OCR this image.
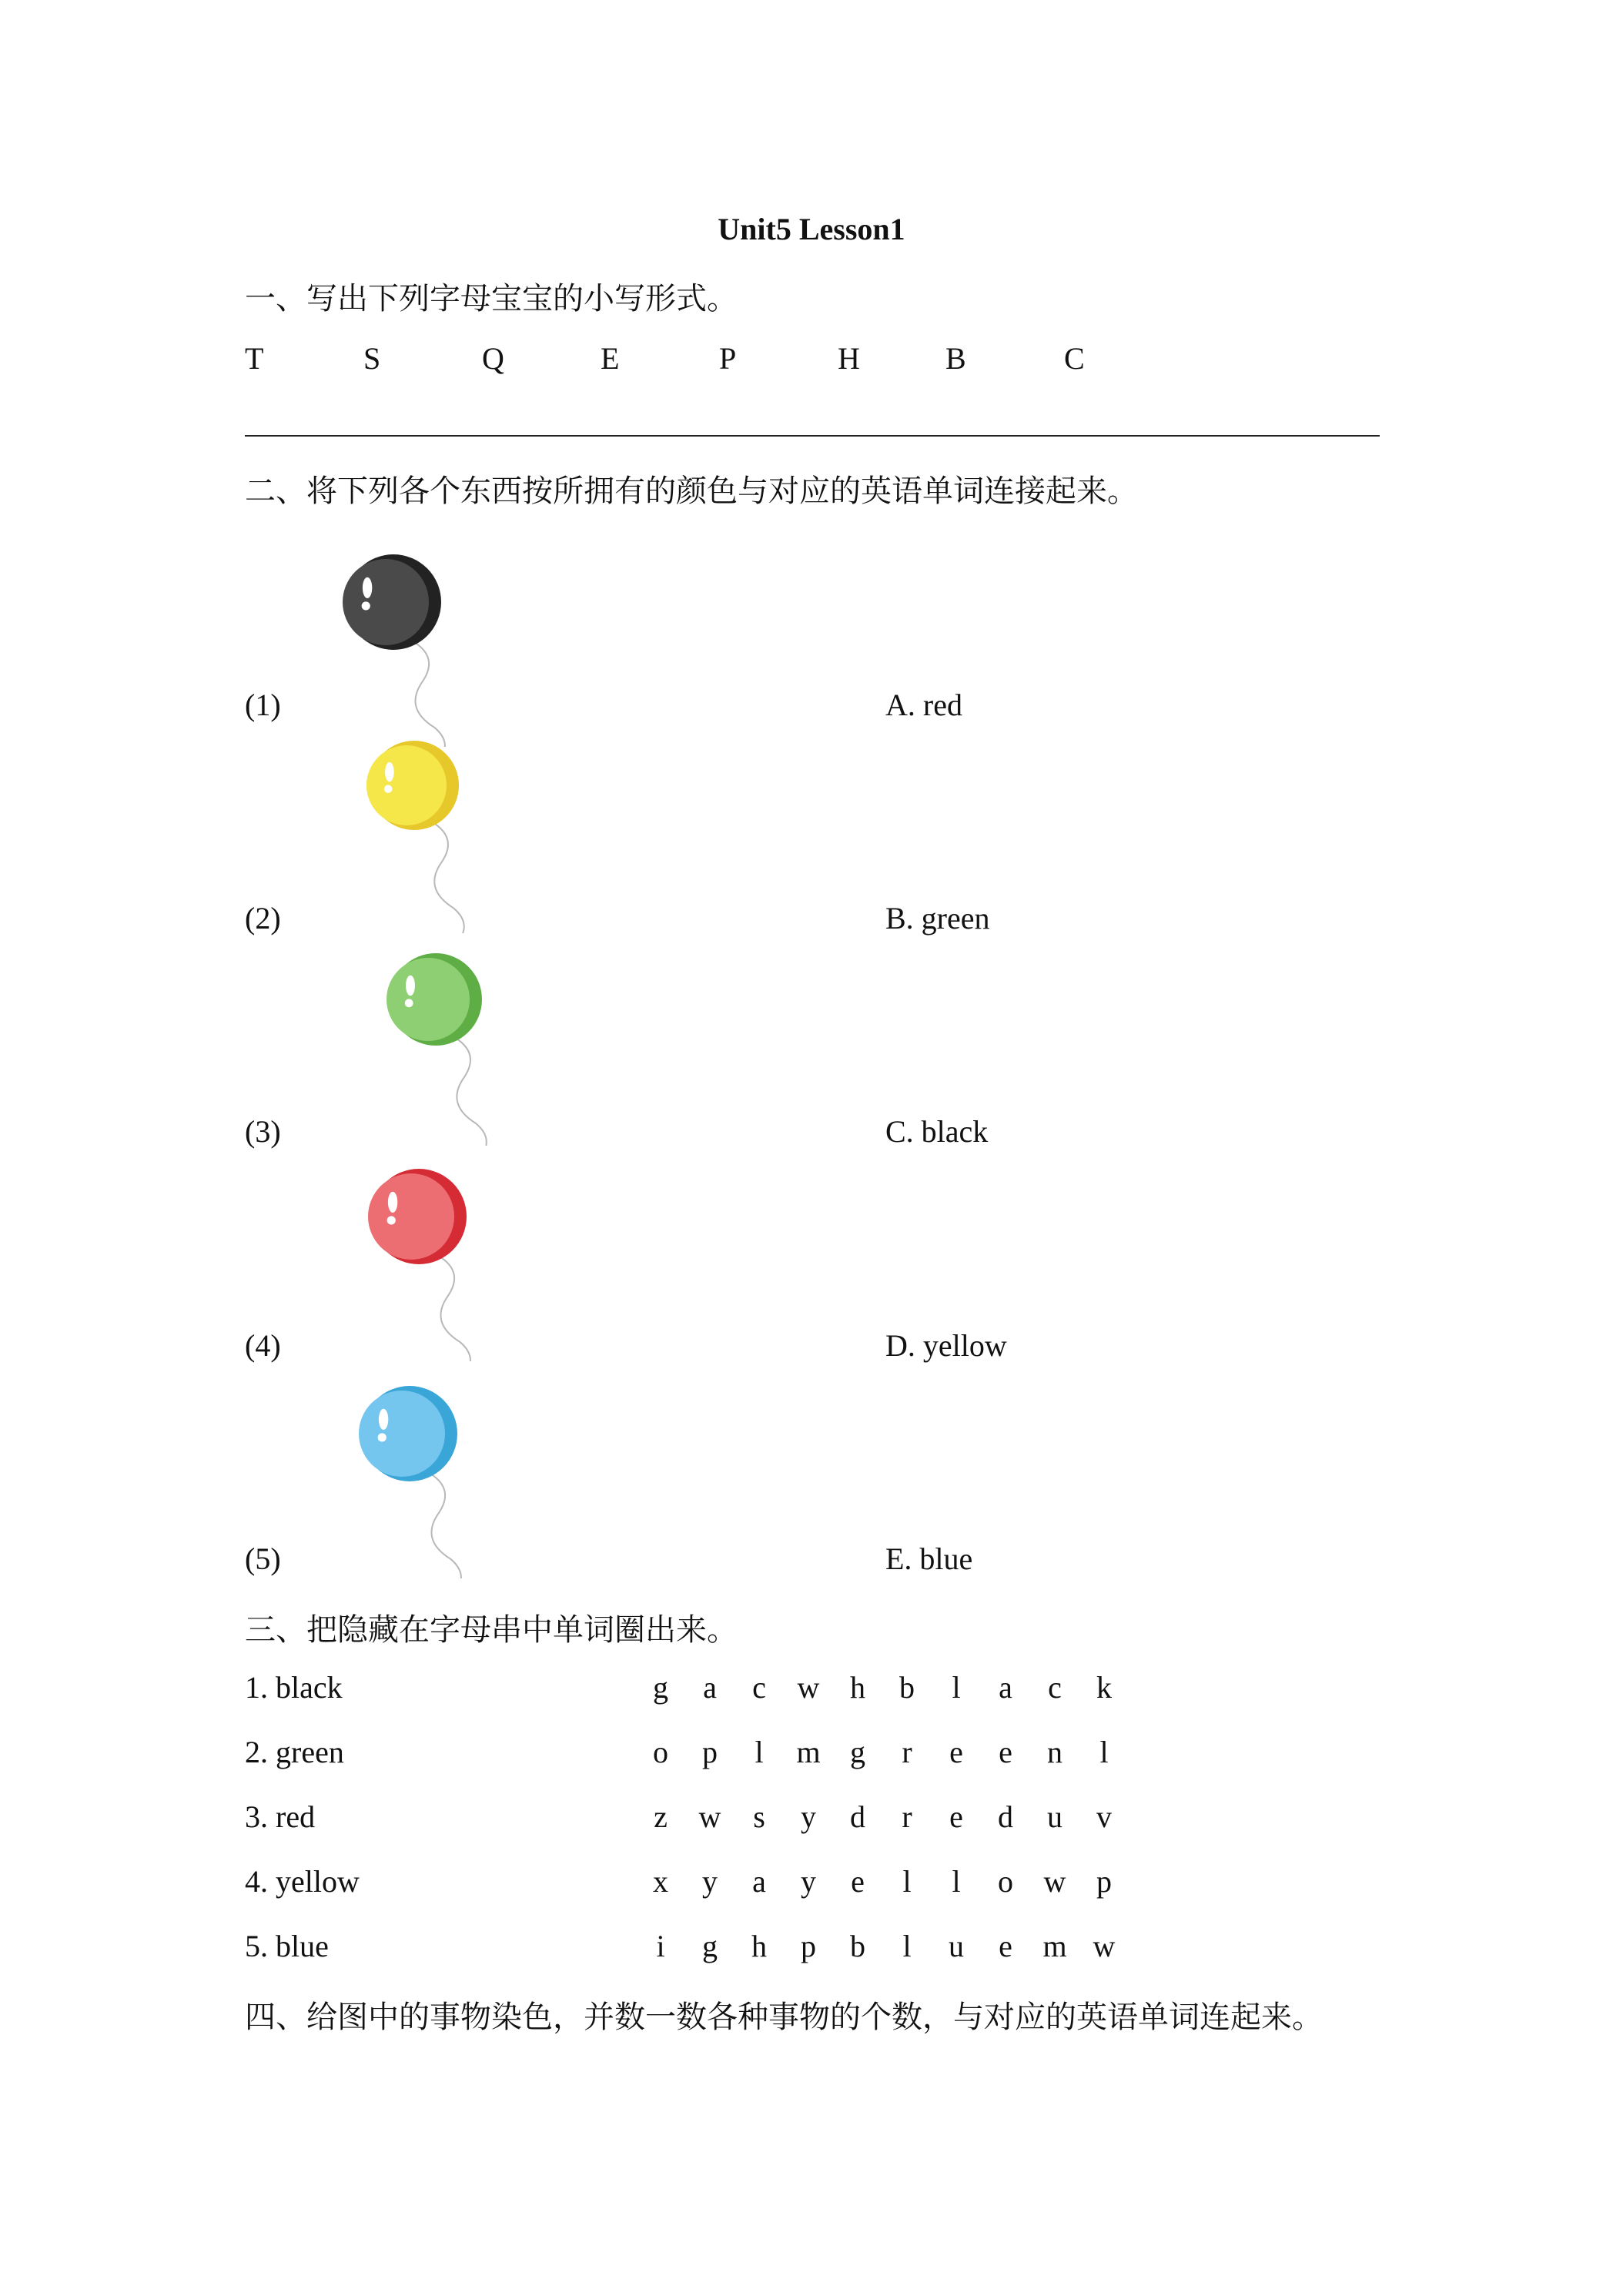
Unit5 Lesson1
一、写出下列字母宝宝的小写形式。
T	S	Q	E	P	H	B	C
二、将下列各个东西按所拥有的颜色与对应的英语单词连接起来。
(1)	A. red
(2)	B. green
(3)	C. black
(4)	D. yellow
(5)	E. blue
三、把隐藏在字母串中单词圈出来。
1. black	g a c w h b	l	a c k
2. green	o p	l	m g	r	e e n	l
3. red	z w	s	y d	r	e d u v
4. yellow	x y a y e	l	l	o w p
5. blue	i	g h p b	l	u e m w
四、给图中的事物染色，并数一数各种事物的个数，与对应的英语单词连起来。
